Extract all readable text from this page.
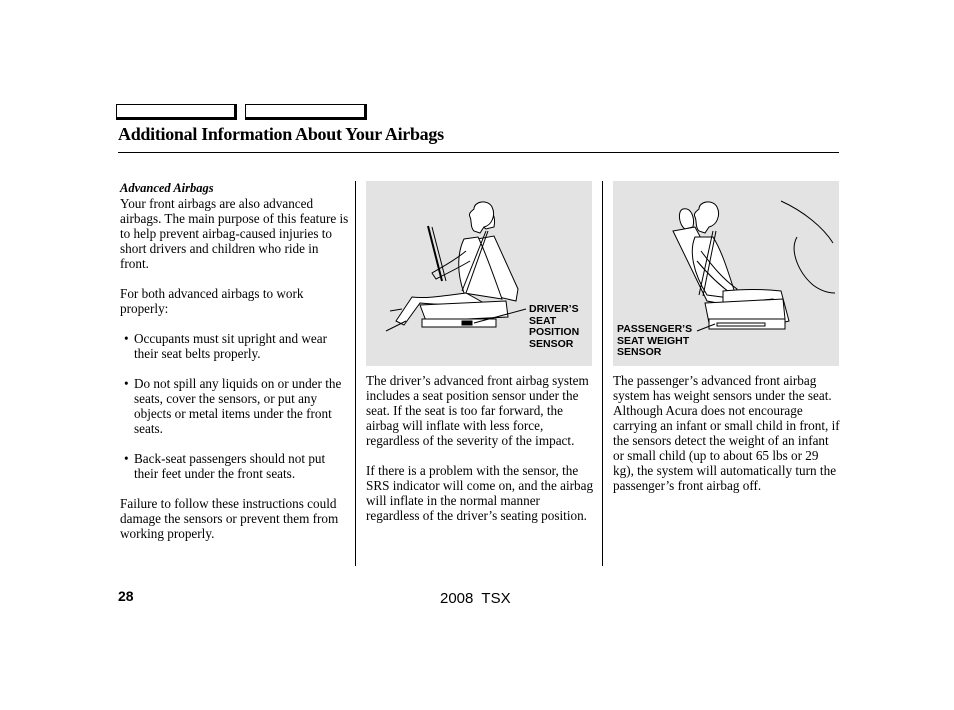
Additional Information About Your Airbags

Advanced Airbags

Your front airbags are also advanced airbags. The main purpose of this feature is to help prevent airbag-caused injuries to short drivers and children who ride in front.

For both advanced airbags to work properly:

• Occupants must sit upright and wear their seat belts properly.

• Do not spill any liquids on or under the seats, cover the sensors, or put any objects or metal items under the front seats.

• Back-seat passengers should not put their feet under the front seats.

Failure to follow these instructions could damage the sensors or prevent them from working properly.

DRIVER’S SEAT POSITION SENSOR

The driver’s advanced front airbag system includes a seat position sensor under the seat. If the seat is too far forward, the airbag will inflate with less force, regardless of the severity of the impact.

If there is a problem with the sensor, the SRS indicator will come on, and the airbag will inflate in the normal manner regardless of the driver’s seating position.

PASSENGER’S SEAT WEIGHT SENSOR

The passenger’s advanced front airbag system has weight sensors under the seat. Although Acura does not encourage carrying an infant or small child in front, if the sensors detect the weight of an infant or small child (up to about 65 lbs or 29 kg), the system will automatically turn the passenger’s front airbag off.

28	2008  TSX
